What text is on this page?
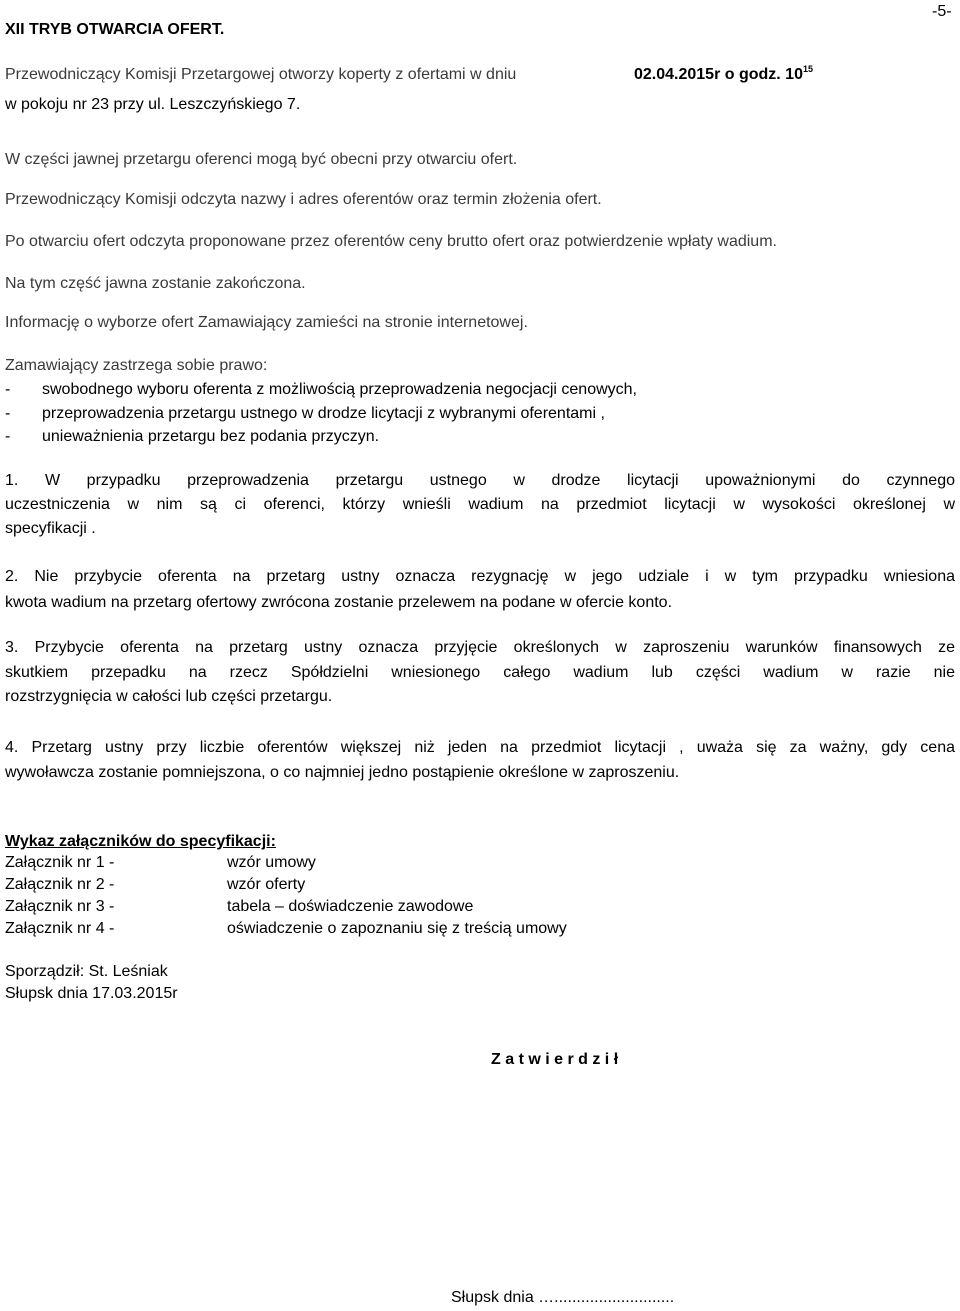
-5-
XII TRYB OTWARCIA OFERT.
Przewodniczący Komisji Przetargowej otworzy koperty z ofertami w dniu	02.04.2015r o godz. $10^{15}$
w pokoju nr 23 przy ul. Leszczyńskiego 7.
W części jawnej przetargu oferenci mogą być obecni przy otwarciu ofert.
Przewodniczący Komisji odczyta nazwy i adres oferentów oraz termin złożenia ofert.
Po otwarciu ofert odczyta proponowane przez oferentów ceny brutto ofert oraz potwierdzenie wpłaty wadium.
Na tym część jawna zostanie zakończona.
Informację o wyborze ofert Zamawiający zamieści na stronie internetowej.
Zamawiający zastrzega sobie prawo:
- swobodnego wyboru oferenta z możliwością przeprowadzenia negocjacji cenowych,
- przeprowadzenia przetargu ustnego w drodze licytacji z wybranymi oferentami ,
- unieważnienia przetargu bez podania przyczyn.
1. W przypadku przeprowadzenia przetargu ustnego w drodze licytacji upoważnionymi do czynnego
uczestniczenia w nim są ci oferenci, którzy wnieśli wadium na przedmiot licytacji w wysokości określonej w
specyfikacji .
2. Nie przybycie oferenta na przetarg ustny oznacza rezygnację w jego udziale i w tym przypadku wniesiona
kwota wadium na przetarg ofertowy zwrócona zostanie przelewem na podane w ofercie konto.
3. Przybycie oferenta na przetarg ustny oznacza przyjęcie określonych w zaproszeniu warunków finansowych ze
skutkiem przepadku na rzecz Spółdzielni wniesionego całego wadium lub części wadium w razie nie
rozstrzygnięcia w całości lub części przetargu.
4. Przetarg ustny przy liczbie oferentów większej niż jeden na przedmiot licytacji , uważa się za ważny, gdy cena
wywoławcza zostanie pomniejszona, o co najmniej jedno postąpienie określone w zaproszeniu.
Wykaz załączników do specyfikacji:
Załącznik nr 1 -	wzór umowy
Załącznik nr 2 -	wzór oferty
Załącznik nr 3 -	tabela – doświadczenie zawodowe
Załącznik nr 4 -	oświadczenie o zapoznaniu się z treścią umowy
Sporządził: St. Leśniak
Słupsk dnia 17.03.2015r
Z a t w i e r d z i ł
Słupsk dnia …...........................
